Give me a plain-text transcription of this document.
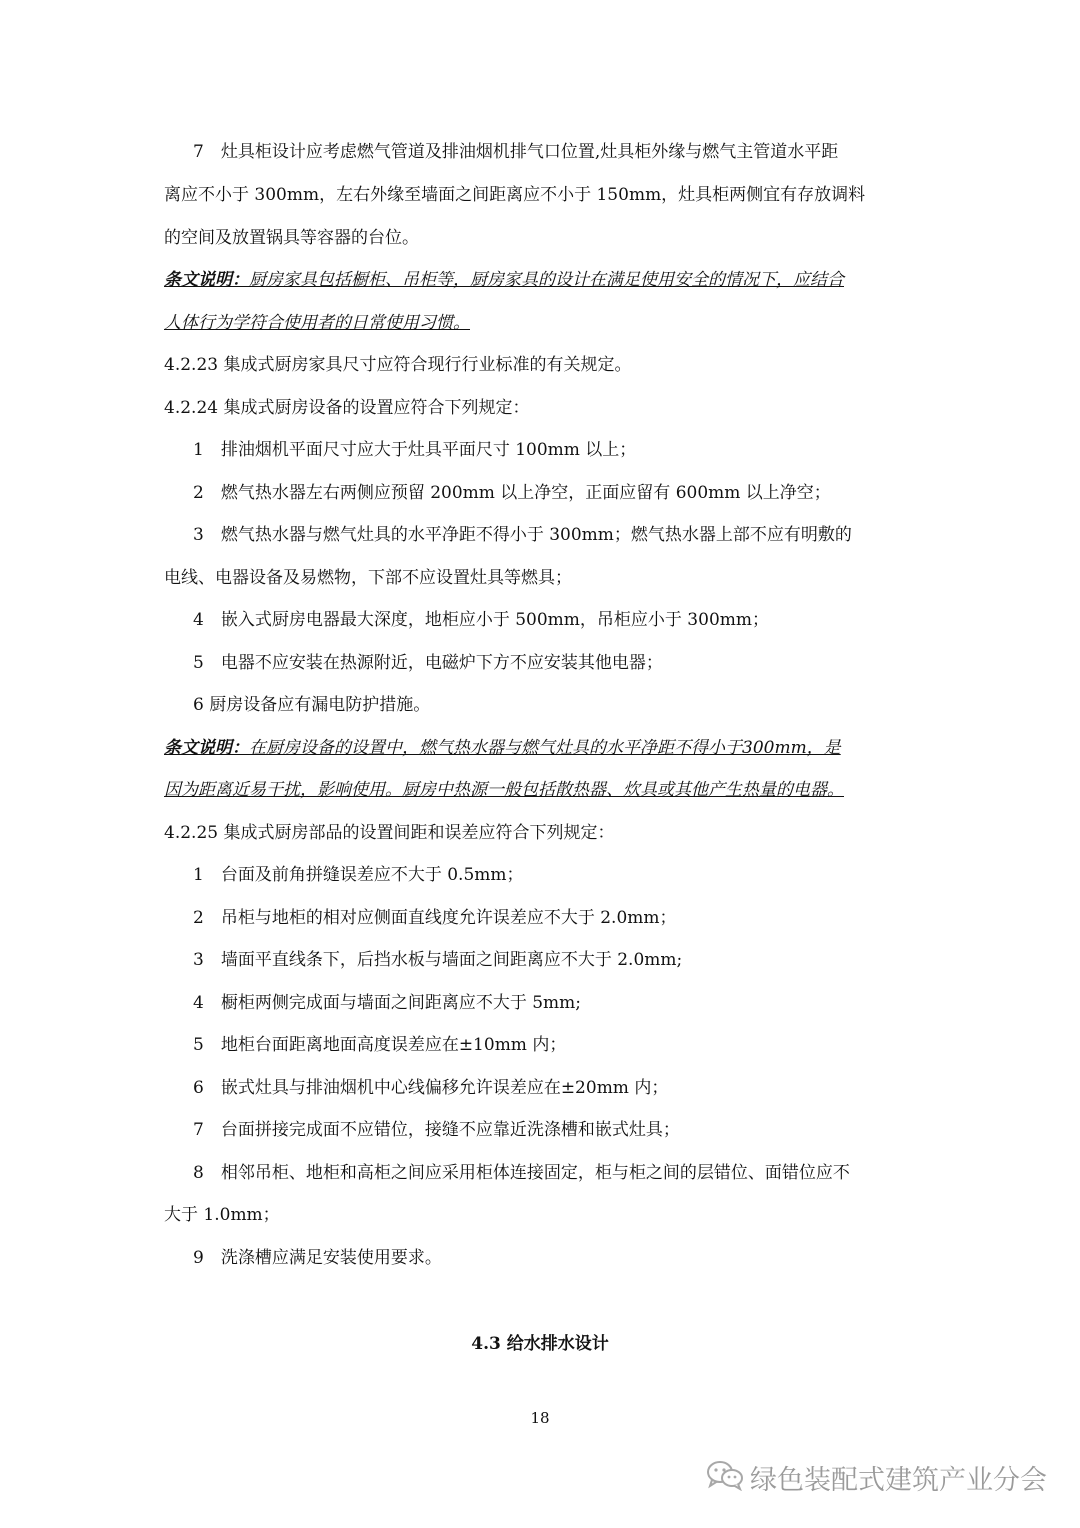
7　灶具柜设计应考虑燃气管道及排油烟机排气口位置,灶具柜外缘与燃气主管道水平距
离应不小于 300mm，左右外缘至墙面之间距离应不小于 150mm，灶具柜两侧宜有存放调料
的空间及放置锅具等容器的台位。
条文说明：厨房家具包括橱柜、吊柜等，厨房家具的设计在满足使用安全的情况下，应结合
人体行为学符合使用者的日常使用习惯。
4.2.23 集成式厨房家具尺寸应符合现行行业标准的有关规定。
4.2.24 集成式厨房设备的设置应符合下列规定：
1　排油烟机平面尺寸应大于灶具平面尺寸 100mm 以上；
2　燃气热水器左右两侧应预留 200mm 以上净空，正面应留有 600mm 以上净空；
3　燃气热水器与燃气灶具的水平净距不得小于 300mm；燃气热水器上部不应有明敷的
电线、电器设备及易燃物，下部不应设置灶具等燃具；
4　嵌入式厨房电器最大深度，地柜应小于 500mm，吊柜应小于 300mm；
5　电器不应安装在热源附近，电磁炉下方不应安装其他电器；
6 厨房设备应有漏电防护措施。
条文说明：在厨房设备的设置中，燃气热水器与燃气灶具的水平净距不得小于300mm，是
因为距离近易干扰，影响使用。厨房中热源一般包括散热器、炊具或其他产生热量的电器。
4.2.25 集成式厨房部品的设置间距和误差应符合下列规定：
1　台面及前角拼缝误差应不大于 0.5mm；
2　吊柜与地柜的相对应侧面直线度允许误差应不大于 2.0mm；
3　墙面平直线条下，后挡水板与墙面之间距离应不大于 2.0mm;
4　橱柜两侧完成面与墙面之间距离应不大于 5mm;
5　地柜台面距离地面高度误差应在±10mm 内；
6　嵌式灶具与排油烟机中心线偏移允许误差应在±20mm 内；
7　台面拼接完成面不应错位，接缝不应靠近洗涤槽和嵌式灶具；
8　相邻吊柜、地柜和高柜之间应采用柜体连接固定，柜与柜之间的层错位、面错位应不
大于 1.0mm；
9　洗涤槽应满足安装使用要求。
4.3 给水排水设计
18
绿色装配式建筑产业分会
